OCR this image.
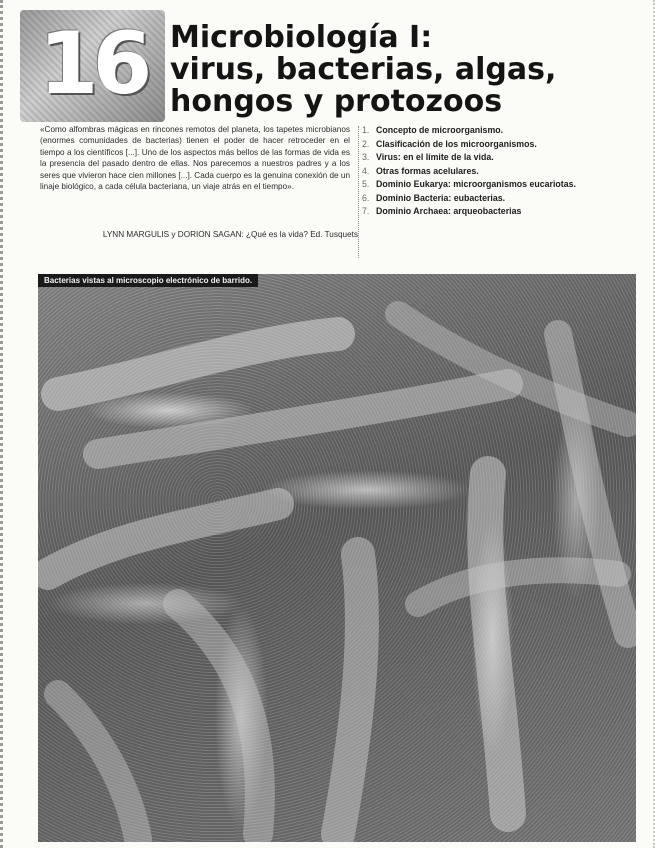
16 Microbiología I:
virus, bacterias, algas,
hongos y protozoos

«Como alfombras mágicas en rincones remotos del planeta, los tapetes microbianos (enormes comunidades de bacterias) tienen el poder de hacer retroceder en el tiempo a los científicos [...]. Uno de los aspectos más bellos de las formas de vida es la presencia del pasado dentro de ellas. Nos parecemos a nuestros padres y a los seres que vivieron hace cien millones [...]. Cada cuerpo es la genuina conexión de un linaje biológico, a cada célula bacteriana, un viaje atrás en el tiempo».

LYNN MARGULIS y DORION SAGAN: ¿Qué es la vida? Ed. Tusquets

1. Concepto de microorganismo.
2. Clasificación de los microorganismos.
3. Virus: en el límite de la vida.
4. Otras formas acelulares.
5. Dominio Eukarya: microorganismos eucariotas.
6. Dominio Bacteria: eubacterias.
7. Dominio Archaea: arqueobacterias
Bacterias vistas al microscopio electrónico de barrido.
